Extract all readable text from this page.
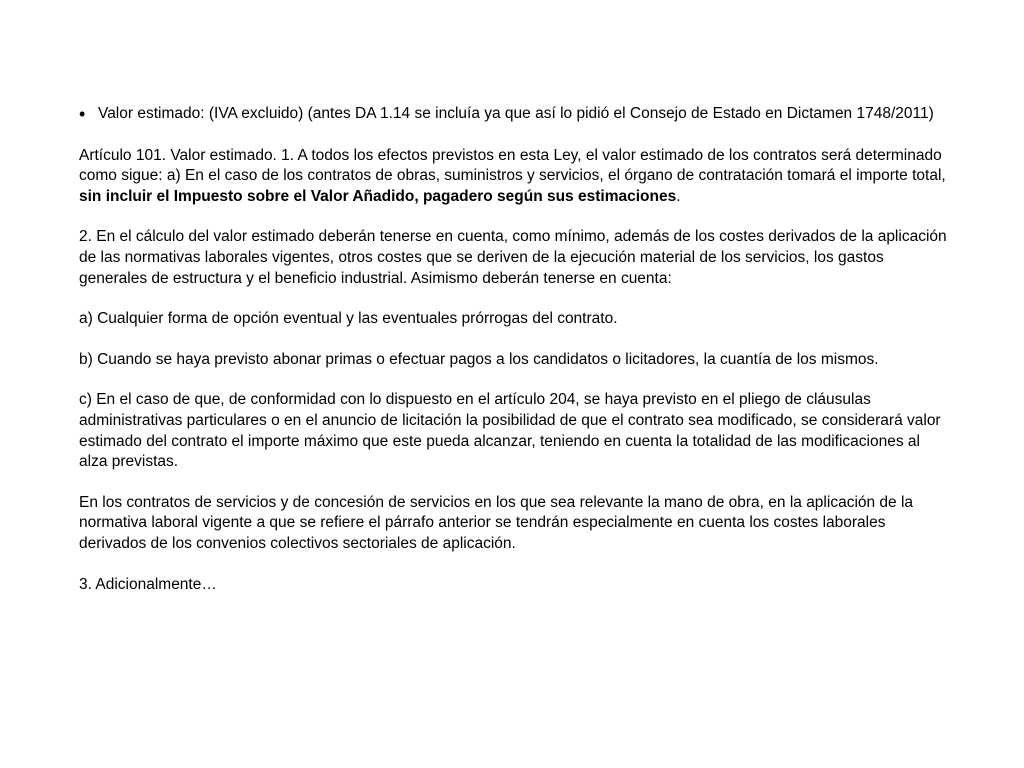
• Valor estimado: (IVA excluido) (antes DA 1.14 se incluía ya que así lo pidió el Consejo de Estado en Dictamen 1748/2011)

Artículo 101. Valor estimado. 1. A todos los efectos previstos en esta Ley, el valor estimado de los contratos será determinado como sigue: a) En el caso de los contratos de obras, suministros y servicios, el órgano de contratación tomará el importe total, sin incluir el Impuesto sobre el Valor Añadido, pagadero según sus estimaciones.

2. En el cálculo del valor estimado deberán tenerse en cuenta, como mínimo, además de los costes derivados de la aplicación de las normativas laborales vigentes, otros costes que se deriven de la ejecución material de los servicios, los gastos generales de estructura y el beneficio industrial. Asimismo deberán tenerse en cuenta:

a) Cualquier forma de opción eventual y las eventuales prórrogas del contrato.

b) Cuando se haya previsto abonar primas o efectuar pagos a los candidatos o licitadores, la cuantía de los mismos.

c) En el caso de que, de conformidad con lo dispuesto en el artículo 204, se haya previsto en el pliego de cláusulas administrativas particulares o en el anuncio de licitación la posibilidad de que el contrato sea modificado, se considerará valor estimado del contrato el importe máximo que este pueda alcanzar, teniendo en cuenta la totalidad de las modificaciones al alza previstas.

En los contratos de servicios y de concesión de servicios en los que sea relevante la mano de obra, en la aplicación de la normativa laboral vigente a que se refiere el párrafo anterior se tendrán especialmente en cuenta los costes laborales derivados de los convenios colectivos sectoriales de aplicación.

3. Adicionalmente…
